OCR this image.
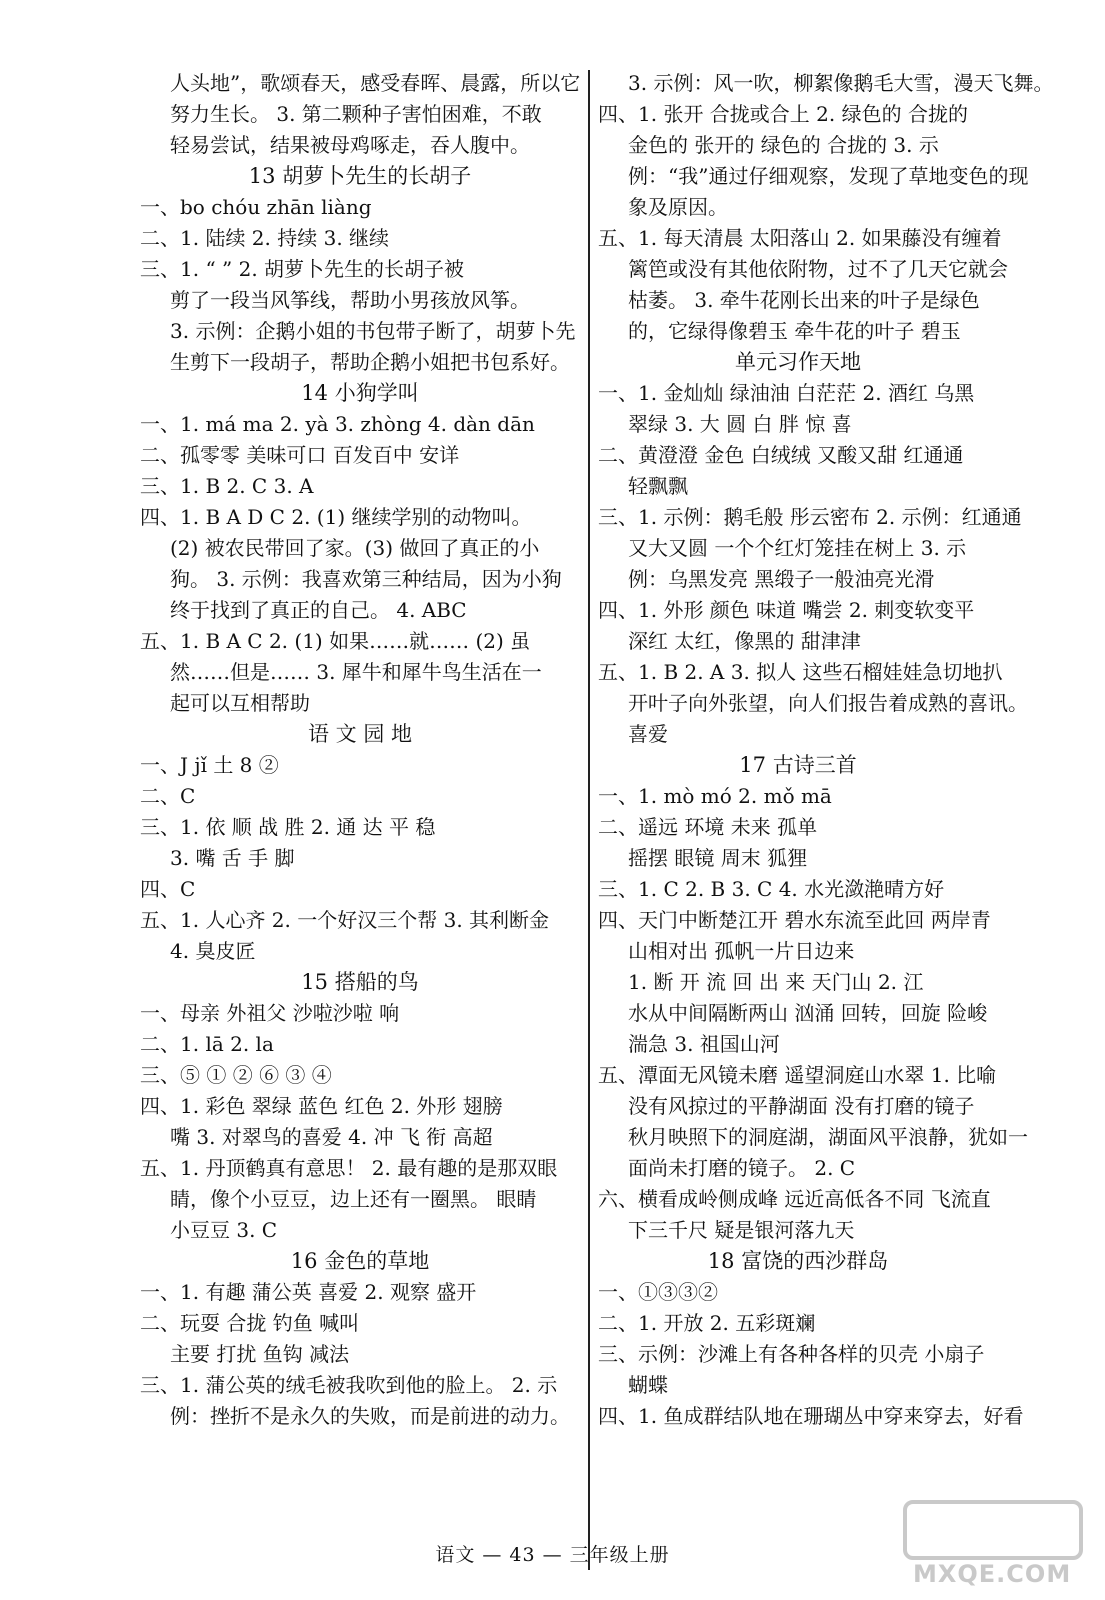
人头地”，歌颂春天，感受春晖、晨露，所以它
努力生长。 3. 第二颗种子害怕困难，不敢
轻易尝试，结果被母鸡啄走，吞人腹中。
13 胡萝卜先生的长胡子
一、bo chóu zhān liàng
二、1. 陆续 2. 持续 3. 继续
三、1. “ ” 2. 胡萝卜先生的长胡子被
剪了一段当风筝线，帮助小男孩放风筝。
3. 示例：企鹅小姐的书包带子断了，胡萝卜先
生剪下一段胡子，帮助企鹅小姐把书包系好。
14 小狗学叫
一、1. má ma 2. yà 3. zhòng 4. dàn dān
二、孤零零 美味可口 百发百中 安详
三、1. B 2. C 3. A
四、1. B A D C 2. (1) 继续学别的动物叫。
(2) 被农民带回了家。(3) 做回了真正的小
狗。 3. 示例：我喜欢第三种结局，因为小狗
终于找到了真正的自己。 4. ABC
五、1. B A C 2. (1) 如果……就…… (2) 虽
然……但是…… 3. 犀牛和犀牛鸟生活在一
起可以互相帮助
语 文 园 地
一、J jǐ 土 8 ②
二、C
三、1. 依 顺 战 胜 2. 通 达 平 稳
3. 嘴 舌 手 脚
四、C
五、1. 人心齐 2. 一个好汉三个帮 3. 其利断金
4. 臭皮匠
15 搭船的鸟
一、母亲 外祖父 沙啦沙啦 响
二、1. lā 2. la
三、⑤ ① ② ⑥ ③ ④
四、1. 彩色 翠绿 蓝色 红色 2. 外形 翅膀
嘴 3. 对翠鸟的喜爱 4. 冲 飞 衔 高超
五、1. 丹顶鹤真有意思！ 2. 最有趣的是那双眼
睛，像个小豆豆，边上还有一圈黑。 眼睛
小豆豆 3. C
16 金色的草地
一、1. 有趣 蒲公英 喜爱 2. 观察 盛开
二、玩耍 合拢 钓鱼 喊叫
主要 打扰 鱼钩 减法
三、1. 蒲公英的绒毛被我吹到他的脸上。 2. 示
例：挫折不是永久的失败，而是前进的动力。
3. 示例：风一吹，柳絮像鹅毛大雪，漫天飞舞。
四、1. 张开 合拢或合上 2. 绿色的 合拢的
金色的 张开的 绿色的 合拢的 3. 示
例：“我”通过仔细观察，发现了草地变色的现
象及原因。
五、1. 每天清晨 太阳落山 2. 如果藤没有缠着
篱笆或没有其他依附物，过不了几天它就会
枯萎。 3. 牵牛花刚长出来的叶子是绿色
的，它绿得像碧玉 牵牛花的叶子 碧玉
单元习作天地
一、1. 金灿灿 绿油油 白茫茫 2. 酒红 乌黑
翠绿 3. 大 圆 白 胖 惊 喜
二、黄澄澄 金色 白绒绒 又酸又甜 红通通
轻飘飘
三、1. 示例：鹅毛般 彤云密布 2. 示例：红通通
又大又圆 一个个红灯笼挂在树上 3. 示
例：乌黑发亮 黑缎子一般油亮光滑
四、1. 外形 颜色 味道 嘴尝 2. 刺变软变平
深红 太红，像黑的 甜津津
五、1. B 2. A 3. 拟人 这些石榴娃娃急切地扒
开叶子向外张望，向人们报告着成熟的喜讯。
喜爱
17 古诗三首
一、1. mò mó 2. mǒ mā
二、遥远 环境 未来 孤单
摇摆 眼镜 周末 狐狸
三、1. C 2. B 3. C 4. 水光潋滟晴方好
四、天门中断楚江开 碧水东流至此回 两岸青
山相对出 孤帆一片日边来
1. 断 开 流 回 出 来 天门山 2. 江
水从中间隔断两山 汹涌 回转，回旋 险峻
湍急 3. 祖国山河
五、潭面无风镜未磨 遥望洞庭山水翠 1. 比喻
没有风掠过的平静湖面 没有打磨的镜子
秋月映照下的洞庭湖，湖面风平浪静，犹如一
面尚未打磨的镜子。 2. C
六、横看成岭侧成峰 远近高低各不同 飞流直
下三千尺 疑是银河落九天
18 富饶的西沙群岛
一、①③③②
二、1. 开放 2. 五彩斑斓
三、示例：沙滩上有各种各样的贝壳 小扇子
蝴蝶
四、1. 鱼成群结队地在珊瑚丛中穿来穿去，好看
语文 — 43 — 三年级上册
MXQE.COM
